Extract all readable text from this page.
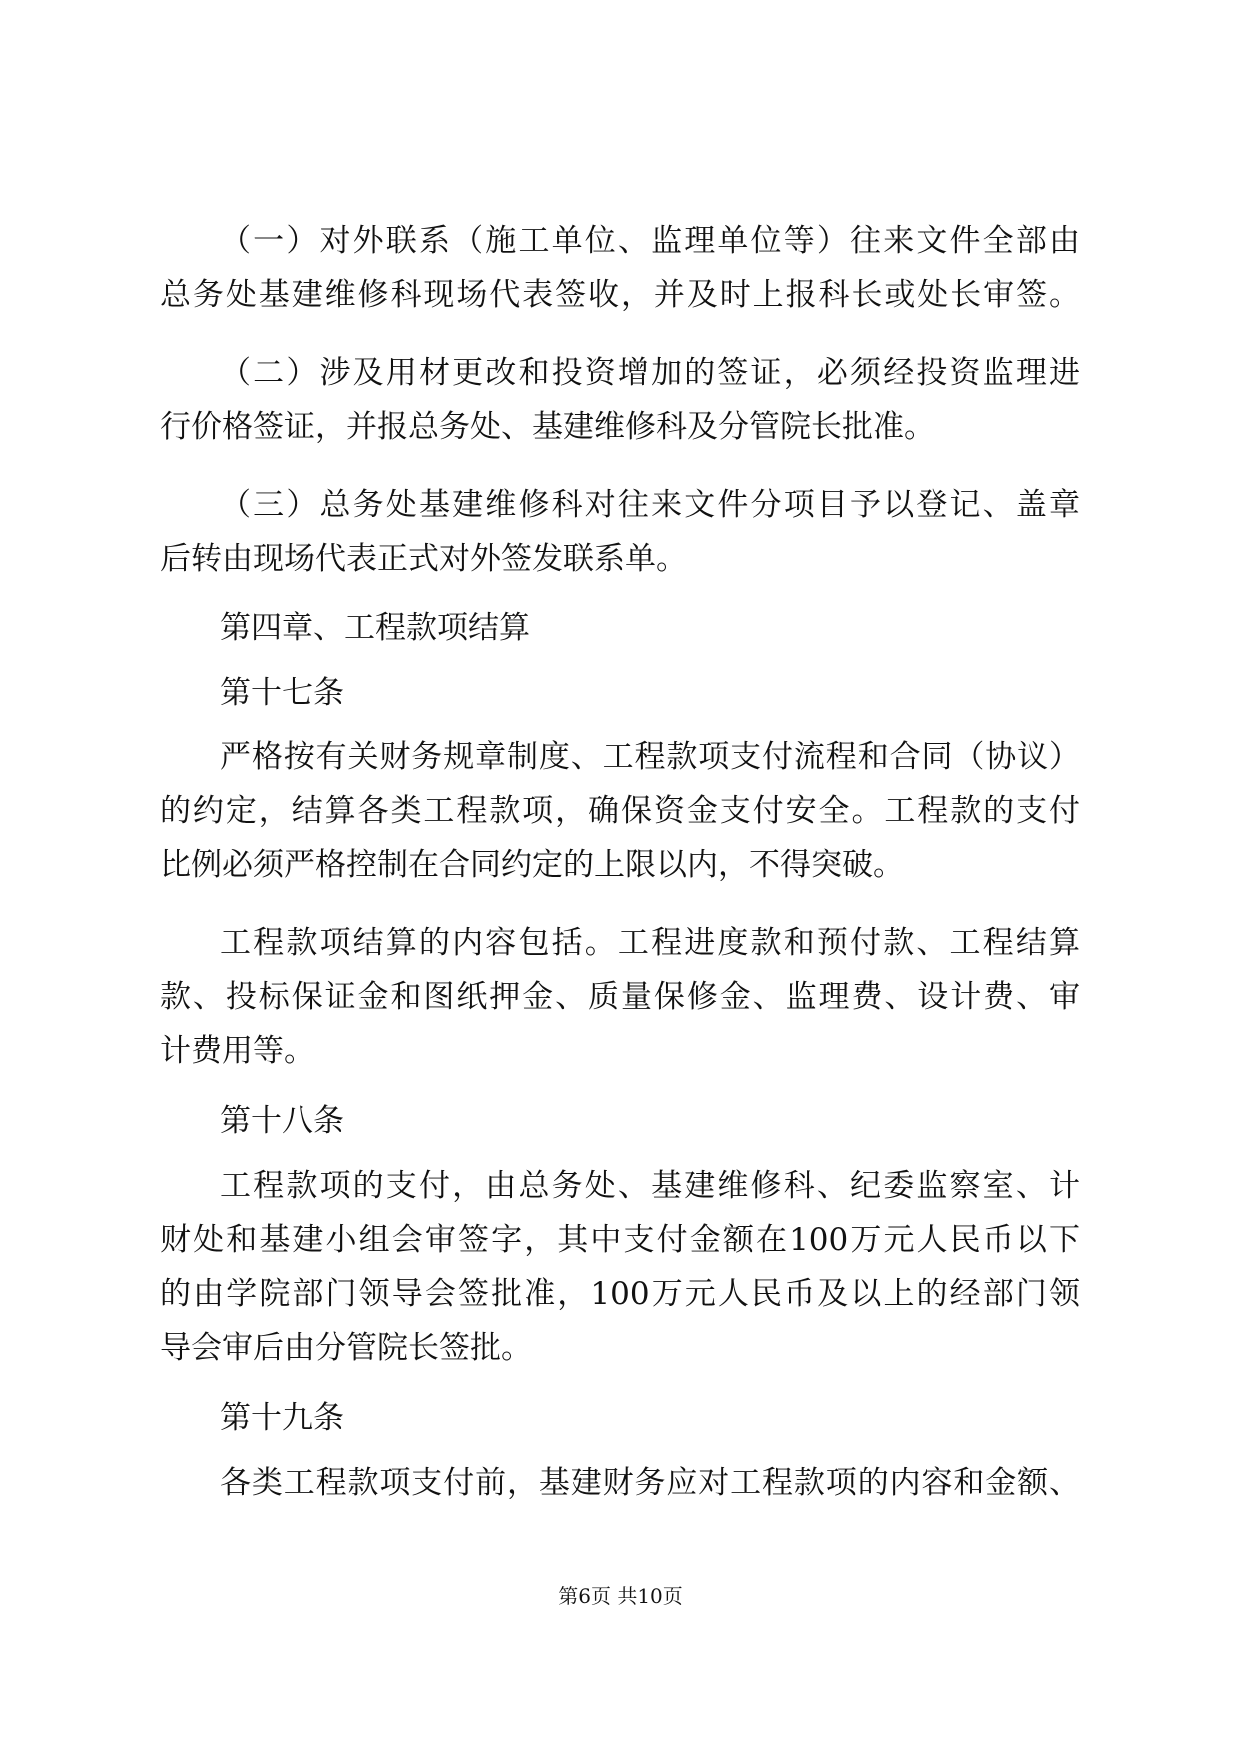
（一）对外联系（施工单位、监理单位等）往来文件全部由
总务处基建维修科现场代表签收，并及时上报科长或处长审签。
（二）涉及用材更改和投资增加的签证，必须经投资监理进
行价格签证，并报总务处、基建维修科及分管院长批准。
（三）总务处基建维修科对往来文件分项目予以登记、盖章
后转由现场代表正式对外签发联系单。
第四章、工程款项结算
第十七条
严格按有关财务规章制度、工程款项支付流程和合同（协议）
的约定，结算各类工程款项，确保资金支付安全。工程款的支付
比例必须严格控制在合同约定的上限以内，不得突破。
工程款项结算的内容包括。工程进度款和预付款、工程结算
款、投标保证金和图纸押金、质量保修金、监理费、设计费、审
计费用等。
第十八条
工程款项的支付，由总务处、基建维修科、纪委监察室、计
财处和基建小组会审签字，其中支付金额在100万元人民币以下
的由学院部门领导会签批准，100万元人民币及以上的经部门领
导会审后由分管院长签批。
第十九条
各类工程款项支付前，基建财务应对工程款项的内容和金额、
第6页 共10页
